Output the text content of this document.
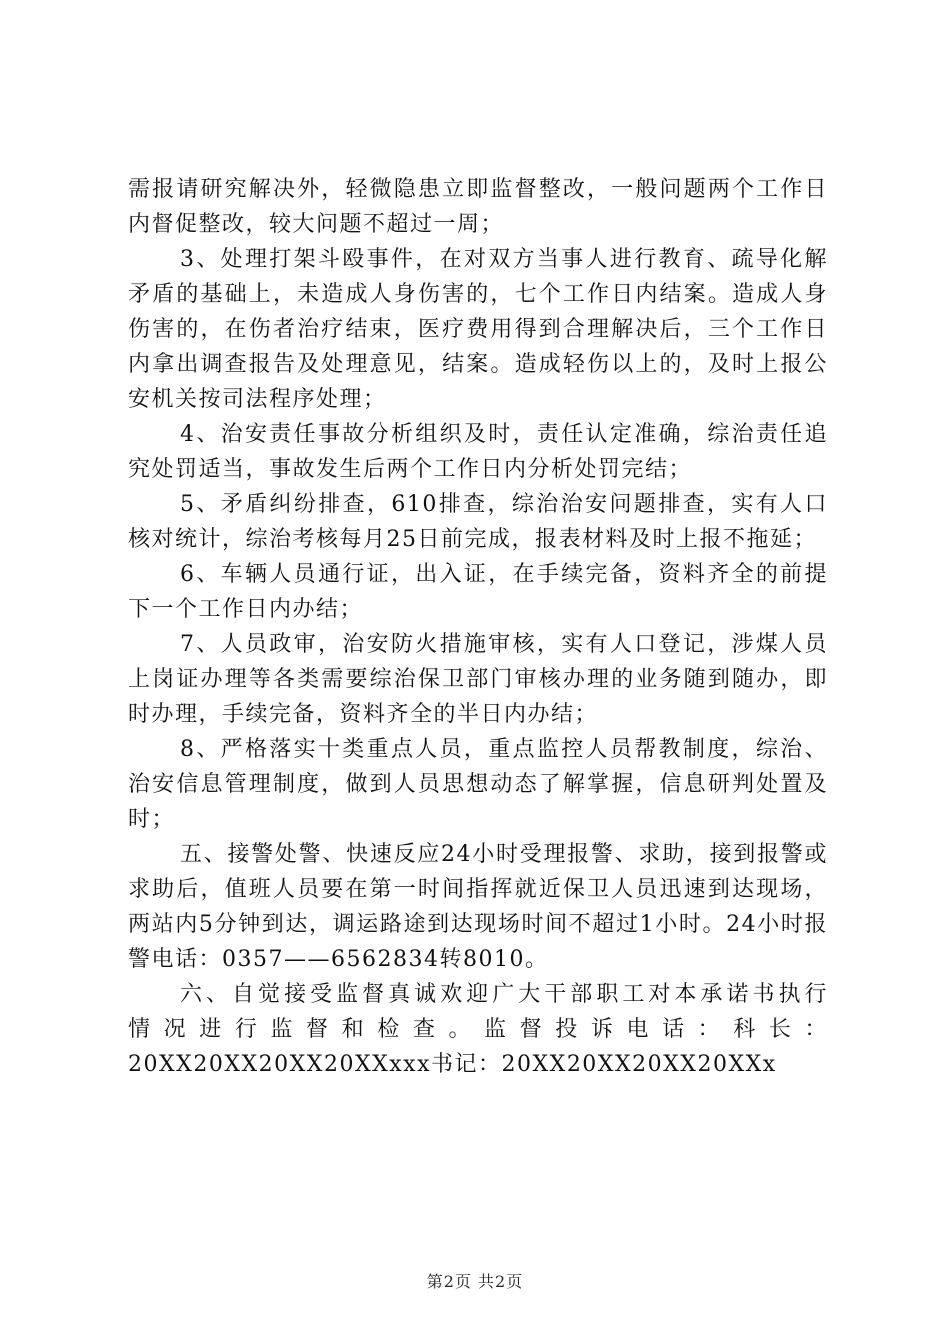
需报请研究解决外，轻微隐患立即监督整改，一般问题两个工作日内督促整改，较大问题不超过一周；

3、处理打架斗殴事件，在对双方当事人进行教育、疏导化解矛盾的基础上，未造成人身伤害的，七个工作日内结案。造成人身伤害的，在伤者治疗结束，医疗费用得到合理解决后，三个工作日内拿出调查报告及处理意见，结案。造成轻伤以上的，及时上报公安机关按司法程序处理；

4、治安责任事故分析组织及时，责任认定准确，综治责任追究处罚适当，事故发生后两个工作日内分析处罚完结；

5、矛盾纠纷排查，610排查，综治治安问题排查，实有人口核对统计，综治考核每月25日前完成，报表材料及时上报不拖延；

6、车辆人员通行证，出入证，在手续完备，资料齐全的前提下一个工作日内办结；

7、人员政审，治安防火措施审核，实有人口登记，涉煤人员上岗证办理等各类需要综治保卫部门审核办理的业务随到随办，即时办理，手续完备，资料齐全的半日内办结；

8、严格落实十类重点人员，重点监控人员帮教制度，综治、治安信息管理制度，做到人员思想动态了解掌握，信息研判处置及时；

五、接警处警、快速反应24小时受理报警、求助，接到报警或求助后，值班人员要在第一时间指挥就近保卫人员迅速到达现场，两站内5分钟到达，调运路途到达现场时间不超过1小时。24小时报警电话：0357——6562834转8010。

六、自觉接受监督真诚欢迎广大干部职工对本承诺书执行

情况进行监督和检查。监督投诉电话：科长：

20XX20XX20XX20XXxxx书记：20XX20XX20XX20XXx

第2页 共2页
